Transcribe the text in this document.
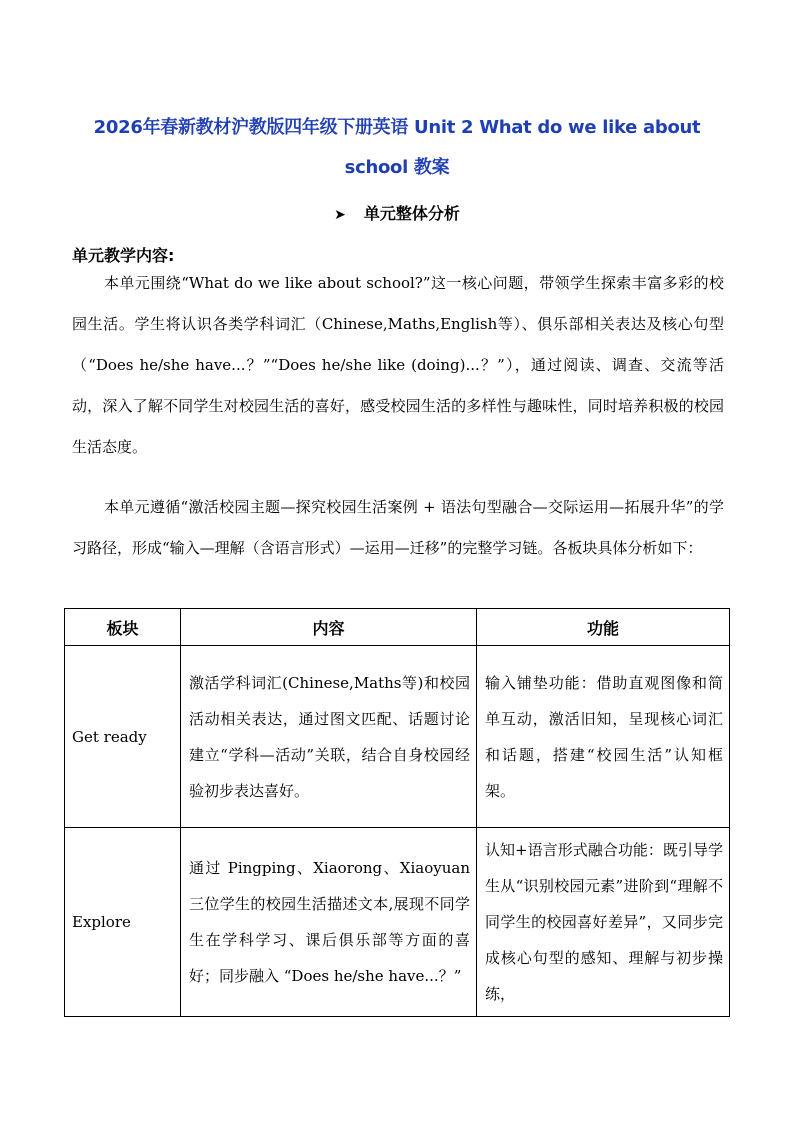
2026年春新教材沪教版四年级下册英语 Unit 2 What do we like about
school 教案
➤ 单元整体分析
单元教学内容:
本单元围绕“What do we like about school?”这一核心问题，带领学生探索丰富多彩的校园生活。学生将认识各类学科词汇（Chinese,Maths,English等）、俱乐部相关表达及核心句型（“Does he/she have...？”“Does he/she like (doing)...？”），通过阅读、调查、交流等活动，深入了解不同学生对校园生活的喜好，感受校园生活的多样性与趣味性，同时培养积极的校园生活态度。
本单元遵循“激活校园主题—探究校园生活案例 + 语法句型融合—交际运用—拓展升华”的学习路径，形成“输入—理解（含语言形式）—运用—迁移”的完整学习链。各板块具体分析如下：
板块	内容	功能
Get ready	激活学科词汇(Chinese,Maths等)和校园活动相关表达，通过图文匹配、话题讨论建立“学科—活动”关联，结合自身校园经验初步表达喜好。	输入铺垫功能：借助直观图像和简单互动，激活旧知，呈现核心词汇和话题，搭建“校园生活”认知框架。
Explore	通过 Pingping、Xiaorong、Xiaoyuan 三位学生的校园生活描述文本,展现不同学生在学科学习、课后俱乐部等方面的喜好；同步融入 “Does he/she have...？”	认知+语言形式融合功能：既引导学生从“识别校园元素”进阶到“理解不同学生的校园喜好差异”，又同步完成核心句型的感知、理解与初步操练，
